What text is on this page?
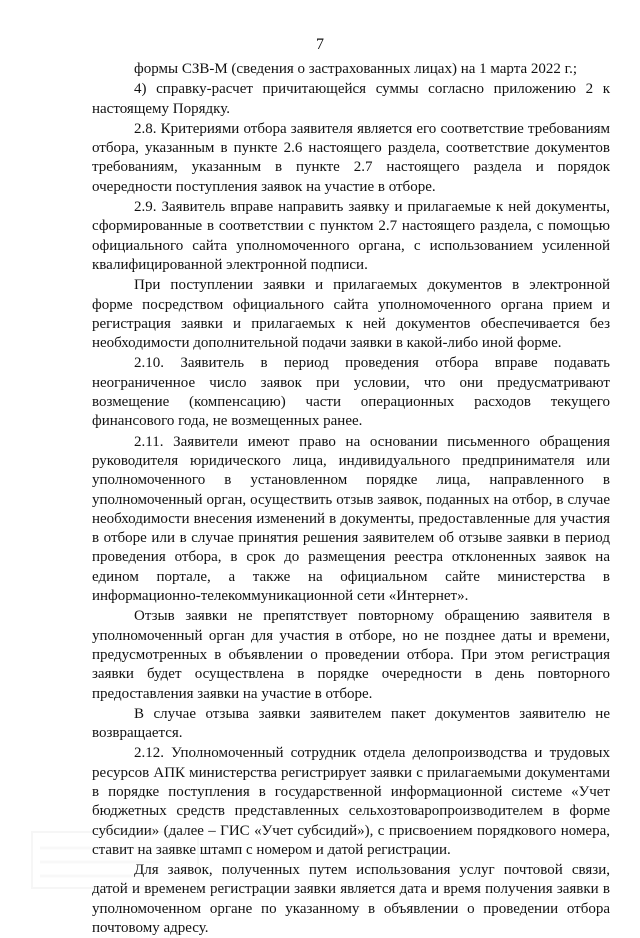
7

формы СЗВ-М (сведения о застрахованных лицах) на 1 марта 2022 г.;

4) справку-расчет причитающейся суммы согласно приложению 2 к настоящему Порядку.

2.8. Критериями отбора заявителя является его соответствие требованиям отбора, указанным в пункте 2.6 настоящего раздела, соответствие документов требованиям, указанным в пункте 2.7 настоящего раздела и порядок очередности поступления заявок на участие в отборе.

2.9. Заявитель вправе направить заявку и прилагаемые к ней документы, сформированные в соответствии с пунктом 2.7 настоящего раздела, с помощью официального сайта уполномоченного органа, с использованием усиленной квалифицированной электронной подписи.

При поступлении заявки и прилагаемых документов в электронной форме посредством официального сайта уполномоченного органа прием и регистрация заявки и прилагаемых к ней документов обеспечивается без необходимости дополнительной подачи заявки в какой-либо иной форме.

2.10. Заявитель в период проведения отбора вправе подавать неограниченное число заявок при условии, что они предусматривают возмещение (компенсацию) части операционных расходов текущего финансового года, не возмещенных ранее.

2.11. Заявители имеют право на основании письменного обращения руководителя юридического лица, индивидуального предпринимателя или уполномоченного в установленном порядке лица, направленного в уполномоченный орган, осуществить отзыв заявок, поданных на отбор, в случае необходимости внесения изменений в документы, предоставленные для участия в отборе или в случае принятия решения заявителем об отзыве заявки в период проведения отбора, в срок до размещения реестра отклоненных заявок на едином портале, а также на официальном сайте министерства в информационно-телекоммуникационной сети «Интернет».

Отзыв заявки не препятствует повторному обращению заявителя в уполномоченный орган для участия в отборе, но не позднее даты и времени, предусмотренных в объявлении о проведении отбора. При этом регистрация заявки будет осуществлена в порядке очередности в день повторного предоставления заявки на участие в отборе.

В случае отзыва заявки заявителем пакет документов заявителю не возвращается.

2.12. Уполномоченный сотрудник отдела делопроизводства и трудовых ресурсов АПК министерства регистрирует заявки с прилагаемыми документами в порядке поступления в государственной информационной системе «Учет бюджетных средств представленных сельхозтоваропроизводителем в форме субсидии» (далее – ГИС «Учет субсидий»), с присвоением порядкового номера, ставит на заявке штамп с номером и датой регистрации.

Для заявок, полученных путем использования услуг почтовой связи, датой и временем регистрации заявки является дата и время получения заявки в уполномоченном органе по указанному в объявлении о проведении отбора почтовому адресу.
